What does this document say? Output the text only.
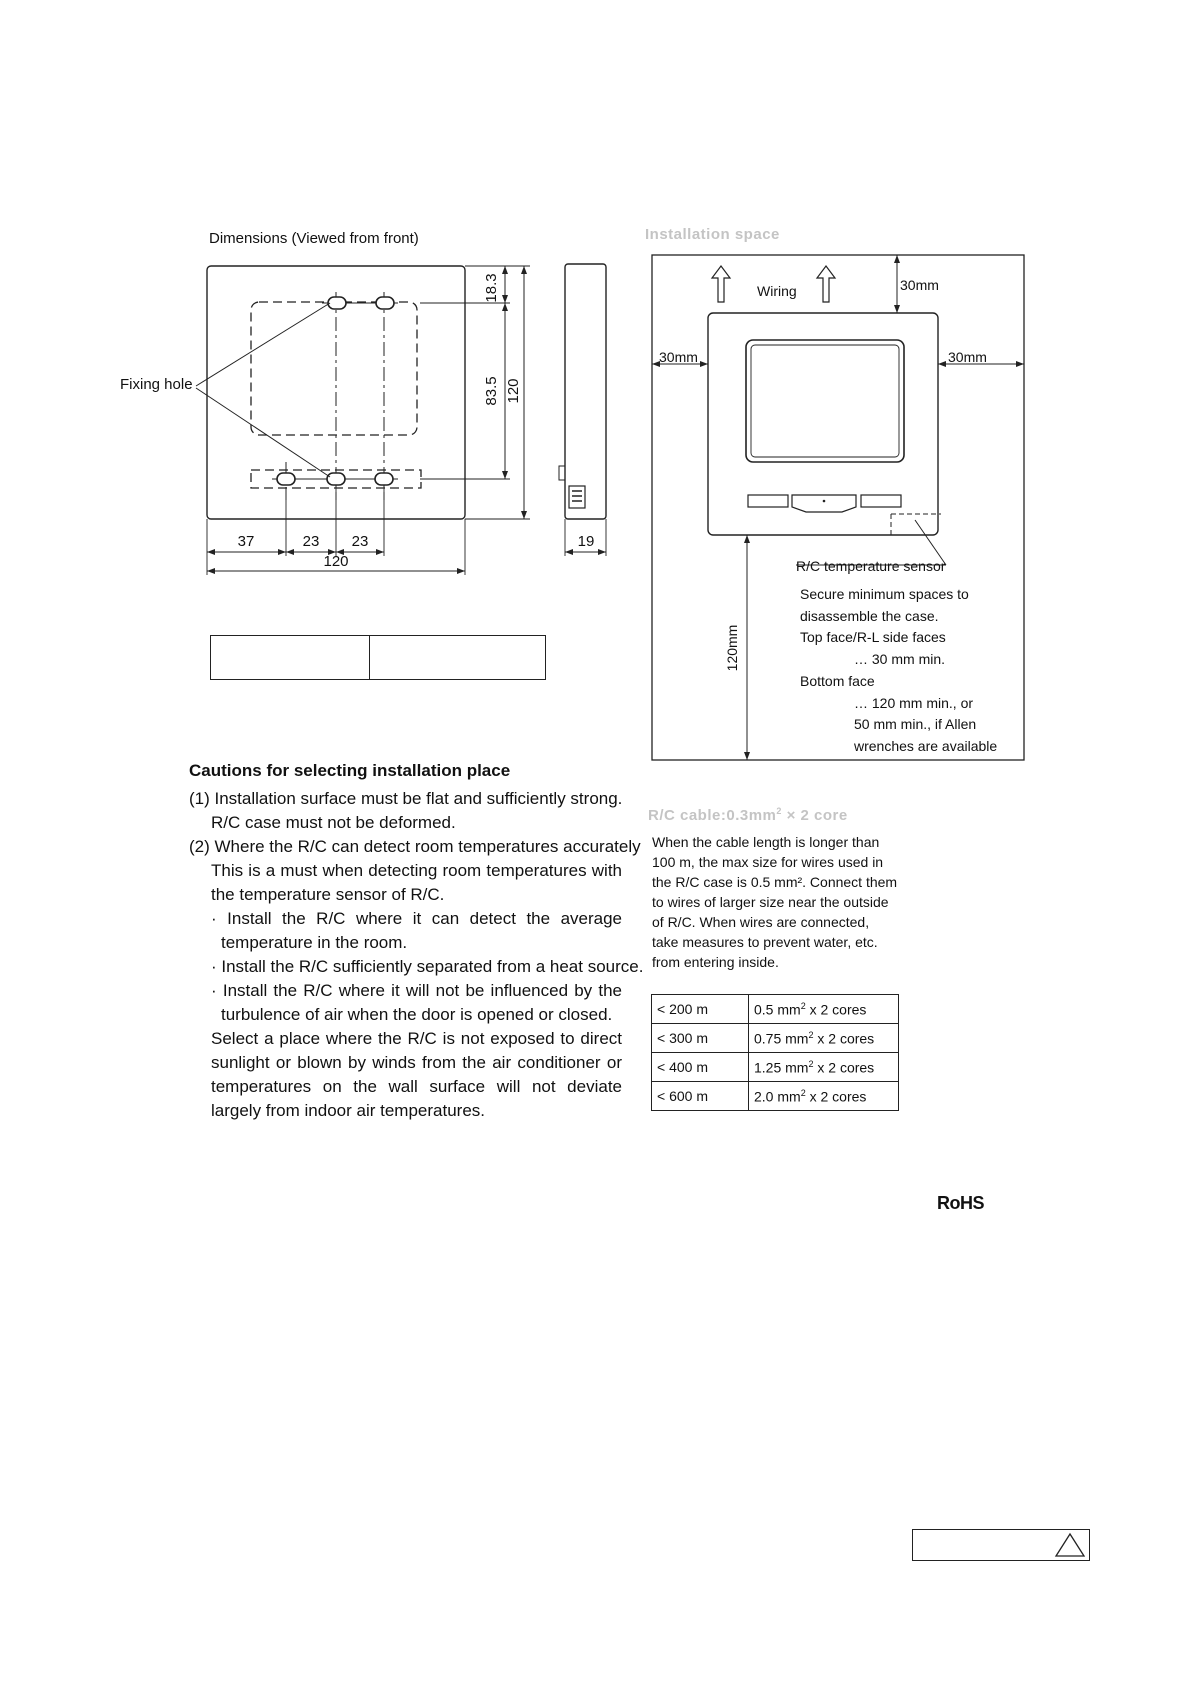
Dimensions (Viewed from front)
18.3
83.5 120
37	23 23
120
19
Fixing hole
Installation space
120mm
Wiring	30mm
30mm	30mm
R/C temperature sensor
Secure minimum spaces to
disassemble the case.
Top face/R-L side faces
… 30 mm min.
Bottom face
… 120 mm min., or
50 mm min., if Allen
wrenches are available
Cautions for selecting installation place

(1) Installation surface must be flat and sufficiently strong.

R/C case must not be deformed.

(2) Where the R/C can detect room temperatures accurately

This is a must when detecting room temperatures with the temperature sensor of R/C.

· Install the R/C where it can detect the average temperature in the room.

· Install the R/C sufficiently separated from a heat source.

· Install the R/C where it will not be influenced by the turbulence of air when the door is opened or closed.

Select a place where the R/C is not exposed to direct sunlight or blown by winds from the air conditioner or temperatures on the wall surface will not deviate largely from indoor air temperatures.

R/C $cable:0.3mm^2 \times 2$ core

When the cable length is longer than 100 m, the max size for wires used in the R/C case is 0.5 mm². Connect them to wires of larger size near the outside of R/C. When wires are connected, take measures to prevent water, etc. from entering inside.

< 200 m	0.5 $mm^2$ x 2 cores
< 300 m	0.75 $mm^2$ x 2 cores
< 400 m	1.25 $mm^2$ x 2 cores
< 600 m	2.0 $mm^2$ x 2 cores
RoHS
